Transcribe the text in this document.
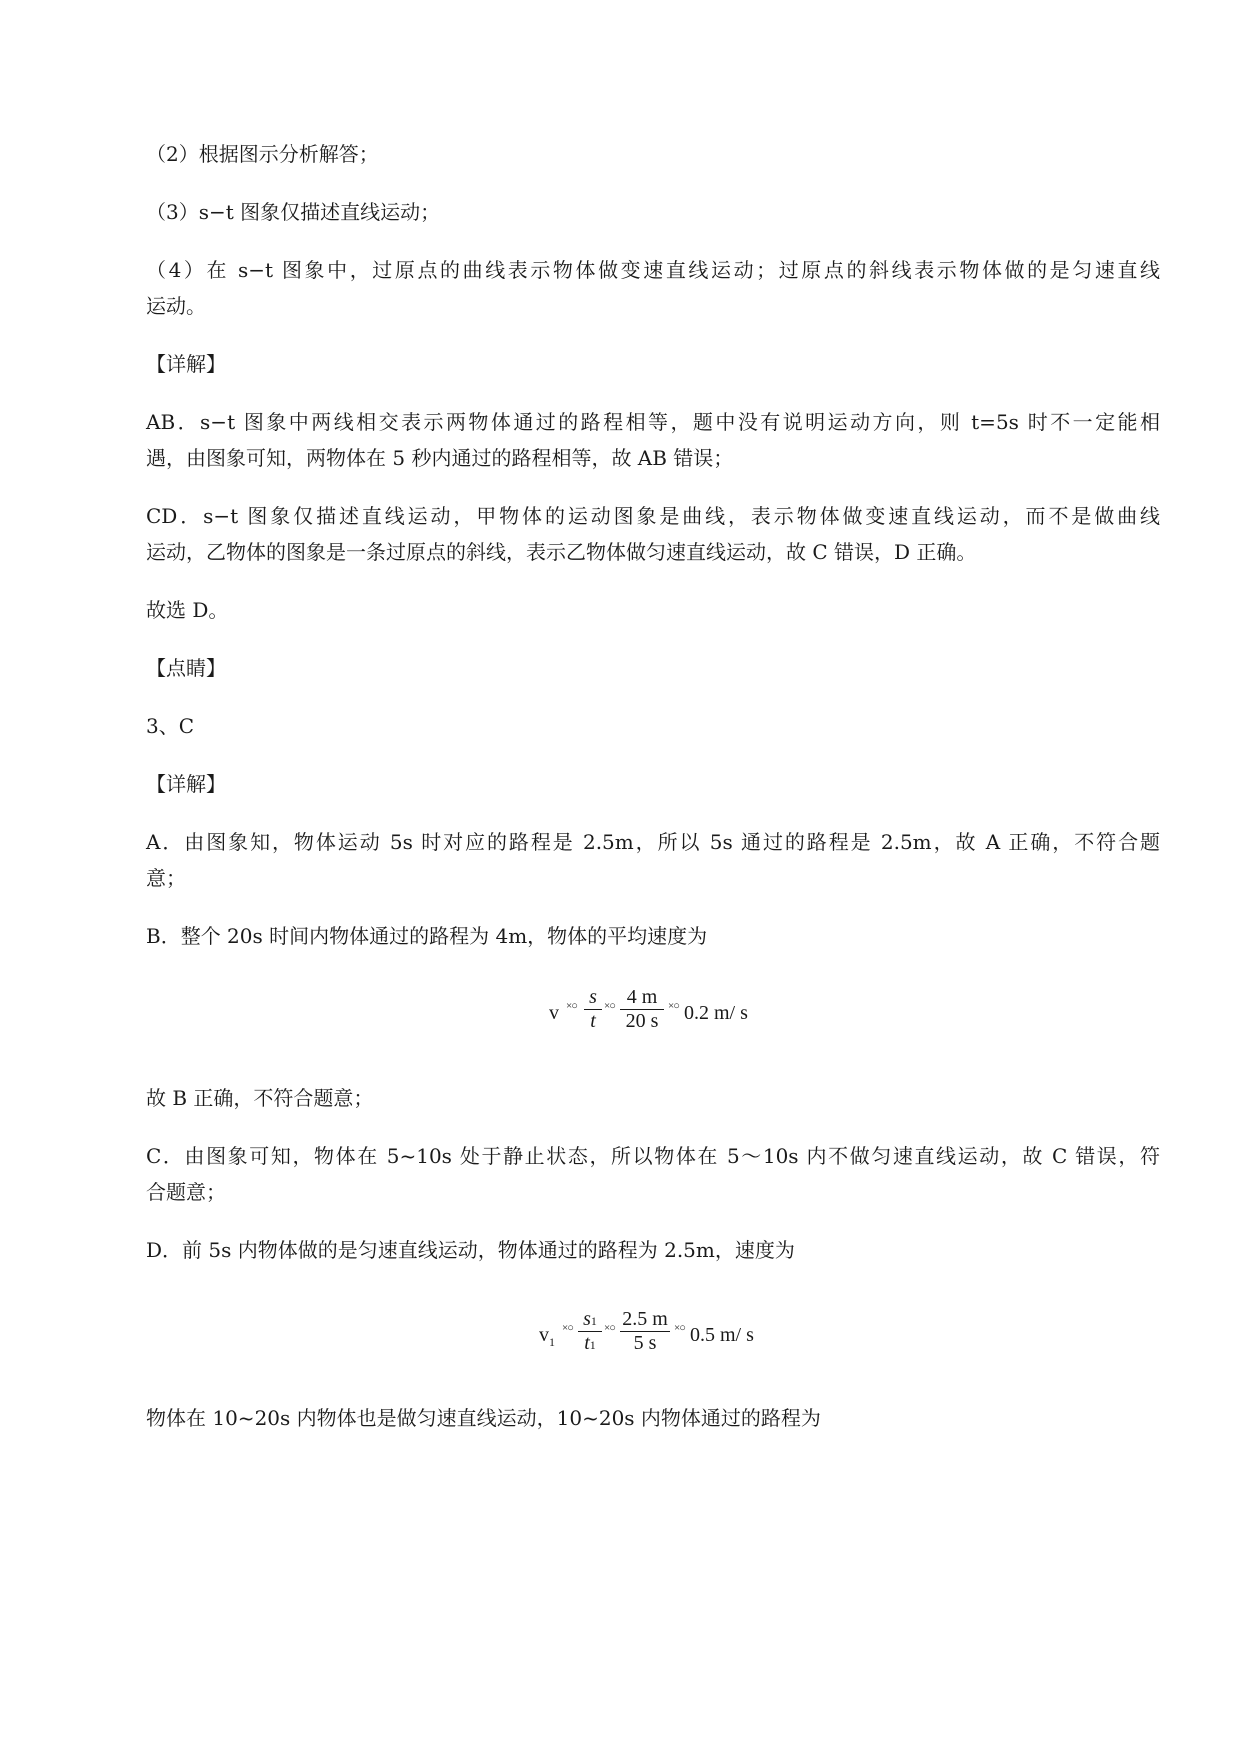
（2）根据图示分析解答；
（3）s−t 图象仅描述直线运动；
（4）在 s−t 图象中，过原点的曲线表示物体做变速直线运动；过原点的斜线表示物体做的是匀速直线
运动。
【详解】
AB．s−t 图象中两线相交表示两物体通过的路程相等，题中没有说明运动方向，则 t=5s 时不一定能相
遇，由图象可知，两物体在 5 秒内通过的路程相等，故 AB 错误；
CD．s−t 图象仅描述直线运动，甲物体的运动图象是曲线，表示物体做变速直线运动，而不是做曲线
运动，乙物体的图象是一条过原点的斜线，表示乙物体做匀速直线运动，故 C 错误，D 正确。
故选 D。
【点睛】
3、C
【详解】
A．由图象知，物体运动 5s 时对应的路程是 2.5m，所以 5s 通过的路程是 2.5m，故 A 正确，不符合题
意；
B．整个 20s 时间内物体通过的路程为 4m，物体的平均速度为
v ×○ s
t
×○ 4 m
20 s
×○ 0.2 m/ s
故 B 正确，不符合题意；
C．由图象可知，物体在 5~10s 处于静止状态，所以物体在 5～10s 内不做匀速直线运动，故 C 错误，符
合题意；
D．前 5s 内物体做的是匀速直线运动，物体通过的路程为 2.5m，速度为
v 1
×○ s1
t1
×○ 2.5 m
5 s
×○ 0.5 m/ s
物体在 10~20s 内物体也是做匀速直线运动，10~20s 内物体通过的路程为
